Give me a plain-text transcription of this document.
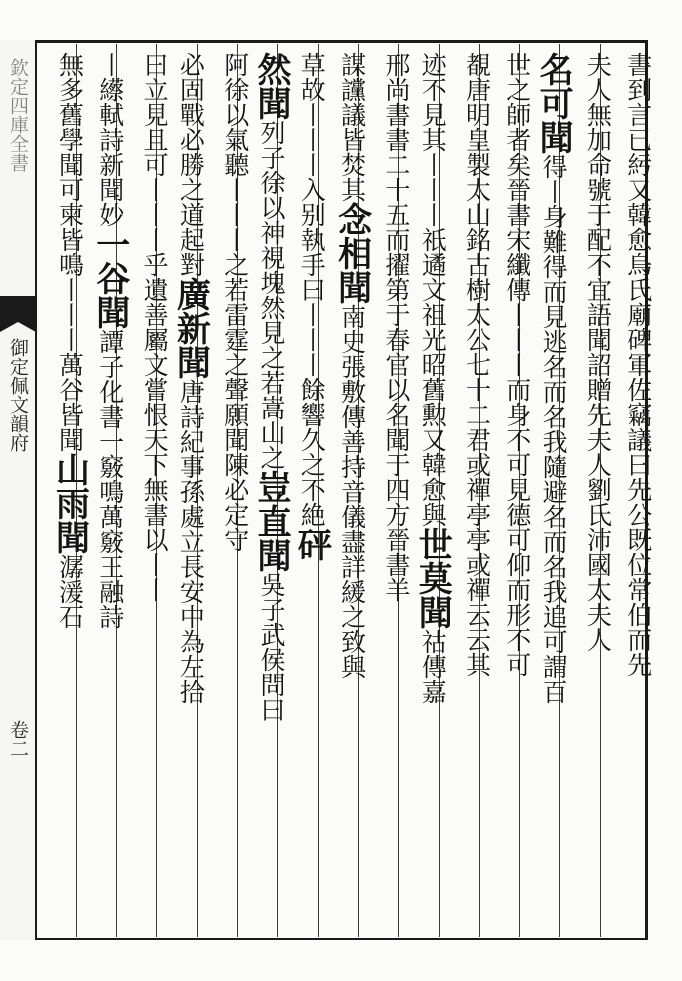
欽定四庫全書
御定佩文韻府
卷二
書到言已䊸又韓愈烏氏廟碑軍佐竊議曰先公既位常伯而先
夫人無加命號于配不宜語聞詔贈先夫人劉氏沛國太夫人
名可聞得丨身難得而見逃名而名我隨避名而名我追可謂百
世之師者矣晉書宋纖傳丨丨丨而身不可見德可仰而形不可
覩唐明皇製太山銘古樹太公七十二君或禪亭亭或禪云云其
迹不見其丨丨丨祇遹文祖光昭舊勲又韓愈與世莫聞祜傳嘉
邢尚書書二十五而擢第于春官以名聞于四方晉書羊
謀讜議皆焚其念相聞南史張敷傳善持音儀盡詳緩之致與
草故丨丨丨入别執手曰丨丨丨餘響久之不絶砰
然聞列子徐以神視塊然見之若嵩山之豈直聞吳子武侯問曰
阿徐以氣聽丨丨丨之若雷霆之聲願聞陳必定守
必固戰必勝之道起對廣新聞唐詩紀事孫處立長安中為左拾
曰立見且可丨丨丨乎遺善屬文嘗恨天下無書以丨丨
丨䌨軾詩新聞妙一谷聞譚子化書一竅鳴萬竅王融詩
無多舊學聞可柬皆鳴丨丨丨萬谷皆聞山雨聞潺湲石
